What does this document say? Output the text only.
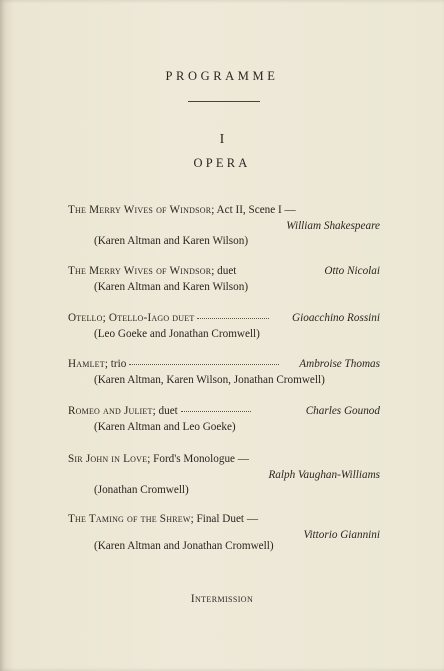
PROGRAMME
I
OPERA
The Merry Wives of Windsor; Act II, Scene I —
William Shakespeare
(Karen Altman and Karen Wilson)
The Merry Wives of Windsor; duet	Otto Nicolai
(Karen Altman and Karen Wilson)
Otello; Otello-Iago duet	Gioacchino Rossini
(Leo Goeke and Jonathan Cromwell)
Hamlet; trio	Ambroise Thomas
(Karen Altman, Karen Wilson, Jonathan Cromwell)
Romeo and Juliet; duet	Charles Gounod
(Karen Altman and Leo Goeke)
Sir John in Love; Ford's Monologue —
Ralph Vaughan-Williams
(Jonathan Cromwell)
The Taming of the Shrew; Final Duet —
Vittorio Giannini
(Karen Altman and Jonathan Cromwell)
Intermission
